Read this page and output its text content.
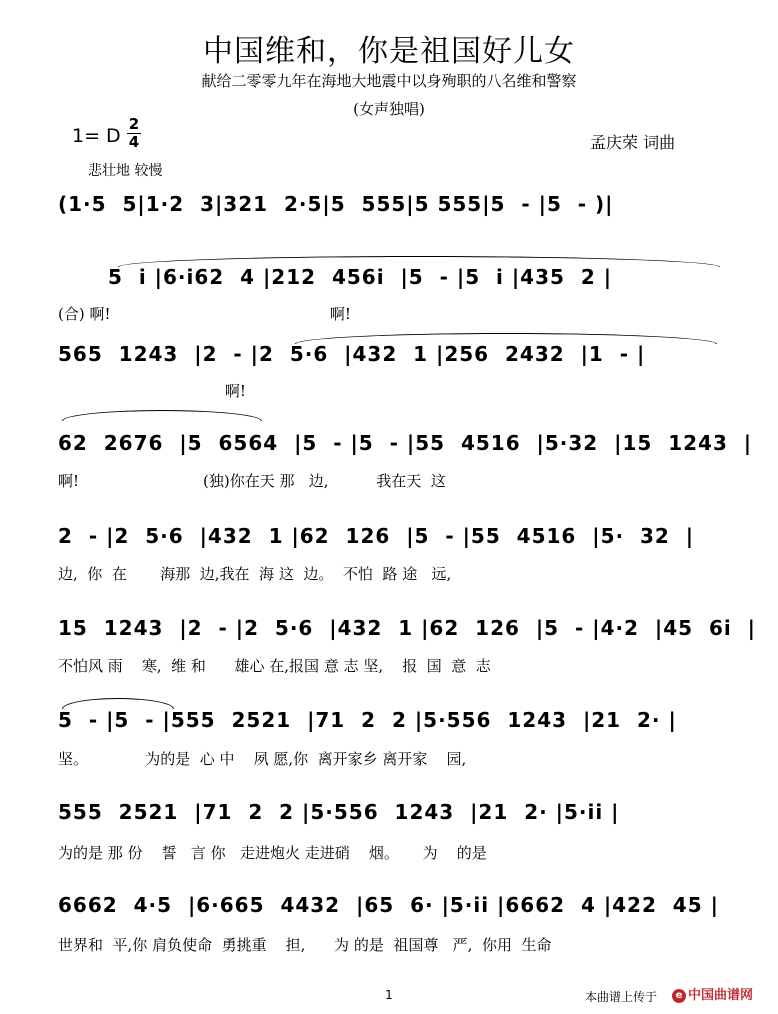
中国维和，你是祖国好儿女
献给二零零九年在海地大地震中以身殉职的八名维和警察
(女声独唱)
1= D
2
4
悲壮地 较慢
孟庆荣 词曲
(1·5  5|1·2  3|321  2·5|5  555|5 555|5  - |5  - )|
5  i |6·i62  4 |212  456i  |5  - |5  i |435  2 |
(合) 啊!                                              啊!
565  1243  |2  - |2  5·6  |432  1 |256  2432  |1  - |
啊!
62  2676  |5  6564  |5  - |5  - |55  4516  |5·32  |15  1243  |
啊!                          (独)你在天 那   边,          我在天  这
2  - |2  5·6  |432  1 |62  126  |5  - |55  4516  |5·  32  |
边,  你  在       海那  边,我在  海 这  边。  不怕  路 途   远,
15  1243  |2  - |2  5·6  |432  1 |62  126  |5  - |4·2  |45  6i  |
不怕风 雨    寒,  维 和      雄心 在,报国 意 志 坚,    报  国  意  志
5  - |5  - |555  2521  |71  2  2 |5·556  1243  |21  2· |
坚。            为的是  心 中    夙 愿,你  离开家乡 离开家    园,
555  2521  |71  2  2 |5·556  1243  |21  2· |5·ii |
为的是 那 份    誓   言 你   走进炮火 走进硝    烟。     为    的是
6662  4·5  |6·665  4432  |65  6· |5·ii |6662  4 |422  45 |
世界和  平,你 肩负使命  勇挑重    担,      为 的是  祖国尊   严,  你用  生命
1	本曲谱上传于	e 中国曲谱网
